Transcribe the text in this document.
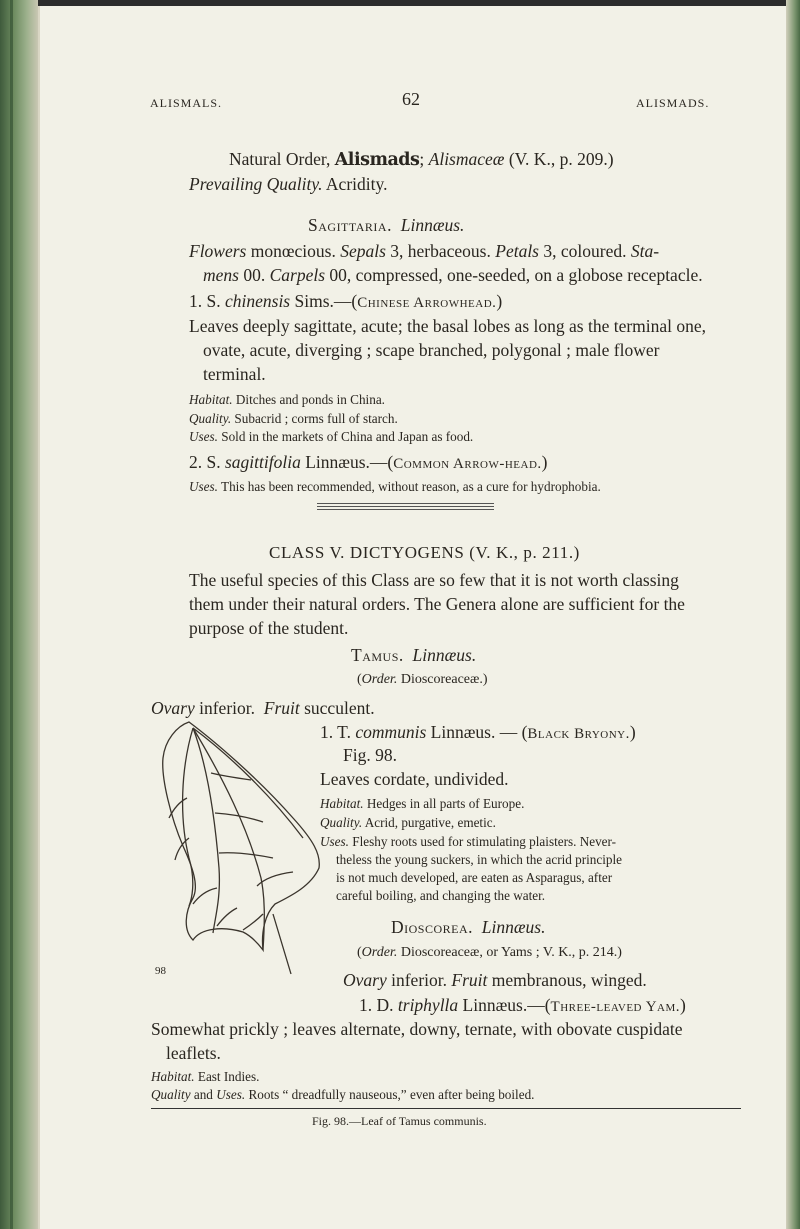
ALISMALS.	62	ALISMADS.
Natural Order, Alismads; Alismaceæ (V. K., p. 209.)
Prevailing Quality. Acridity.
Sagittaria. Linnæus.
Flowers monœcious. Sepals 3, herbaceous. Petals 3, coloured. Sta-
mens 00. Carpels 00, compressed, one-seeded, on a globose receptacle.
1. S. chinensis Sims.—(Chinese Arrowhead.)
Leaves deeply sagittate, acute; the basal lobes as long as the terminal one,
ovate, acute, diverging ; scape branched, polygonal ; male flower
terminal.
Habitat. Ditches and ponds in China.
Quality. Subacrid ; corms full of starch.
Uses. Sold in the markets of China and Japan as food.
2. S. sagittifolia Linnæus.—(Common Arrow-head.)
Uses. This has been recommended, without reason, as a cure for hydrophobia.
CLASS V. DICTYOGENS (V. K., p. 211.)
The useful species of this Class are so few that it is not worth classing
them under their natural orders. The Genera alone are sufficient for the
purpose of the student.
Tamus. Linnæus.
(Order. Dioscoreaceæ.)
Ovary inferior. Fruit succulent.
1. T. communis Linnæus. — (Black Bryony.)
Fig. 98.
Leaves cordate, undivided.
Habitat. Hedges in all parts of Europe.
Quality. Acrid, purgative, emetic.
Uses. Fleshy roots used for stimulating plaisters. Never-
theless the young suckers, in which the acrid principle
is not much developed, are eaten as Asparagus, after
careful boiling, and changing the water.
Dioscorea. Linnæus.
(Order. Dioscoreaceæ, or Yams ; V. K., p. 214.)
Ovary inferior. Fruit membranous, winged.
1. D. triphylla Linnæus.—(Three-leaved Yam.)
Somewhat prickly ; leaves alternate, downy, ternate, with obovate cuspidate
leaflets.
Habitat. East Indies.
Quality and Uses. Roots “ dreadfully nauseous,” even after being boiled.
Fig. 98.—Leaf of Tamus communis.
98
